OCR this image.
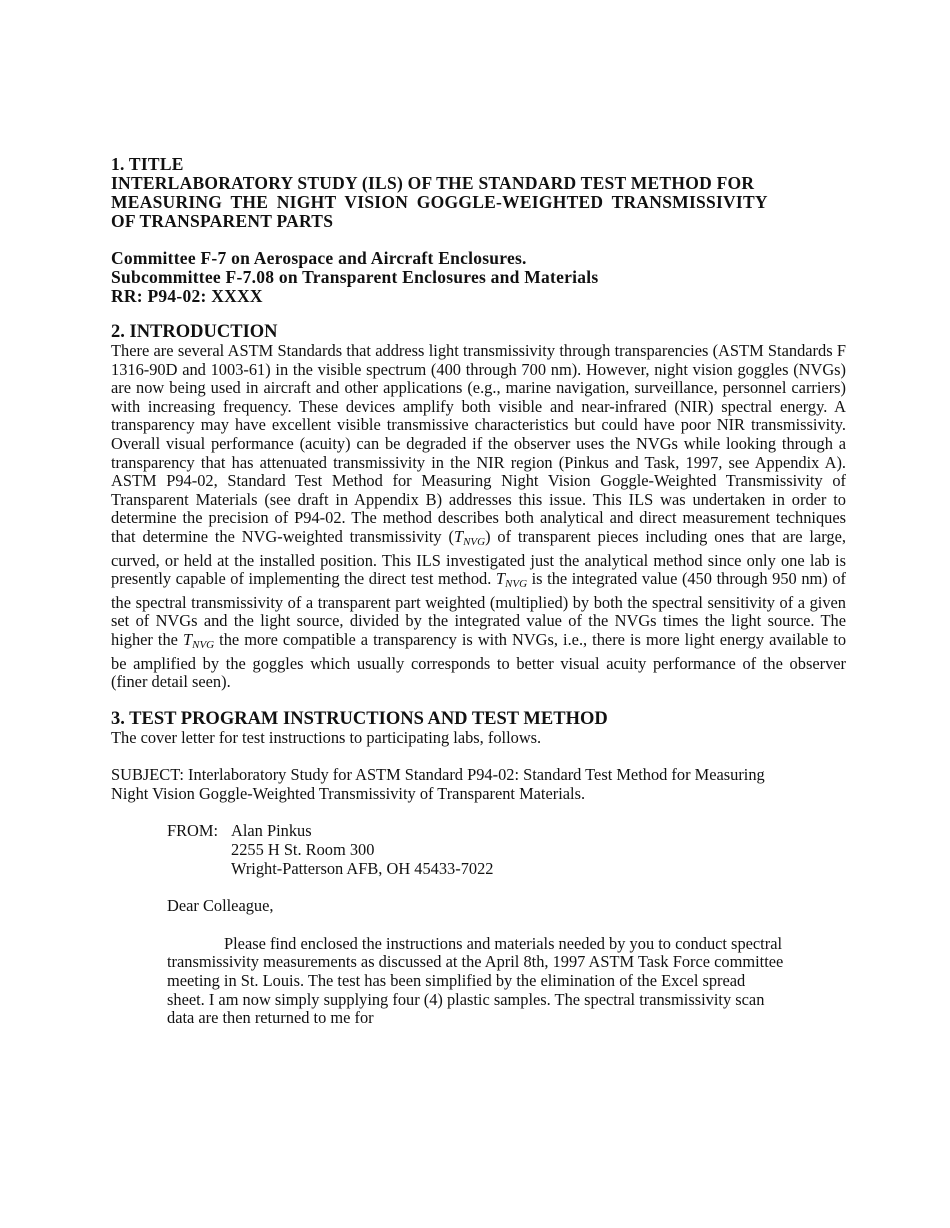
1. TITLE
INTERLABORATORY STUDY (ILS) OF THE STANDARD TEST METHOD FOR
MEASURING THE NIGHT VISION GOGGLE-WEIGHTED TRANSMISSIVITY
OF TRANSPARENT PARTS
Committee F-7 on Aerospace and Aircraft Enclosures.
Subcommittee F-7.08 on Transparent Enclosures and Materials
RR: P94-02: XXXX
2. INTRODUCTION

There are several ASTM Standards that address light transmissivity through transparencies (ASTM Standards F 1316-90D and 1003-61) in the visible spectrum (400 through 700 nm). However, night vision goggles (NVGs) are now being used in aircraft and other applications (e.g., marine navigation, surveillance, personnel carriers) with increasing frequency. These devices amplify both visible and near-infrared (NIR) spectral energy. A transparency may have excellent visible transmissive characteristics but could have poor NIR transmissivity. Overall visual performance (acuity) can be degraded if the observer uses the NVGs while looking through a transparency that has attenuated transmissivity in the NIR region (Pinkus and Task, 1997, see Appendix A). ASTM P94-02, Standard Test Method for Measuring Night Vision Goggle-Weighted Transmissivity of Transparent Materials (see draft in Appendix B) addresses this issue. This ILS was undertaken in order to determine the precision of P94-02. The method describes both analytical and direct measurement techniques that determine the NVG-weighted transmissivity $(T_{NVG})$ of transparent pieces including ones that are large, curved, or held at the installed position. This ILS investigated just the analytical method since only one lab is presently capable of implementing the direct test method. $T_{NVG}$ is the integrated value (450 through 950 nm) of the spectral transmissivity of a transparent part weighted (multiplied) by both the spectral sensitivity of a given set of NVGs and the light source, divided by the integrated value of the NVGs times the light source. The higher the $T_{NVG}$ the more compatible a transparency is with NVGs, i.e., there is more light energy available to be amplified by the goggles which usually corresponds to better visual acuity performance of the observer (finer detail seen).

3. TEST PROGRAM INSTRUCTIONS AND TEST METHOD

The cover letter for test instructions to participating labs, follows.

SUBJECT: Interlaboratory Study for ASTM Standard P94-02: Standard Test Method for Measuring Night Vision Goggle-Weighted Transmissivity of Transparent Materials.

FROM: Alan Pinkus
2255 H St. Room 300
Wright-Patterson AFB, OH 45433-7022

Dear Colleague,

Please find enclosed the instructions and materials needed by you to conduct spectral transmissivity measurements as discussed at the April 8th, 1997 ASTM Task Force committee meeting in St. Louis. The test has been simplified by the elimination of the Excel spread sheet. I am now simply supplying four (4) plastic samples. The spectral transmissivity scan data are then returned to me for
